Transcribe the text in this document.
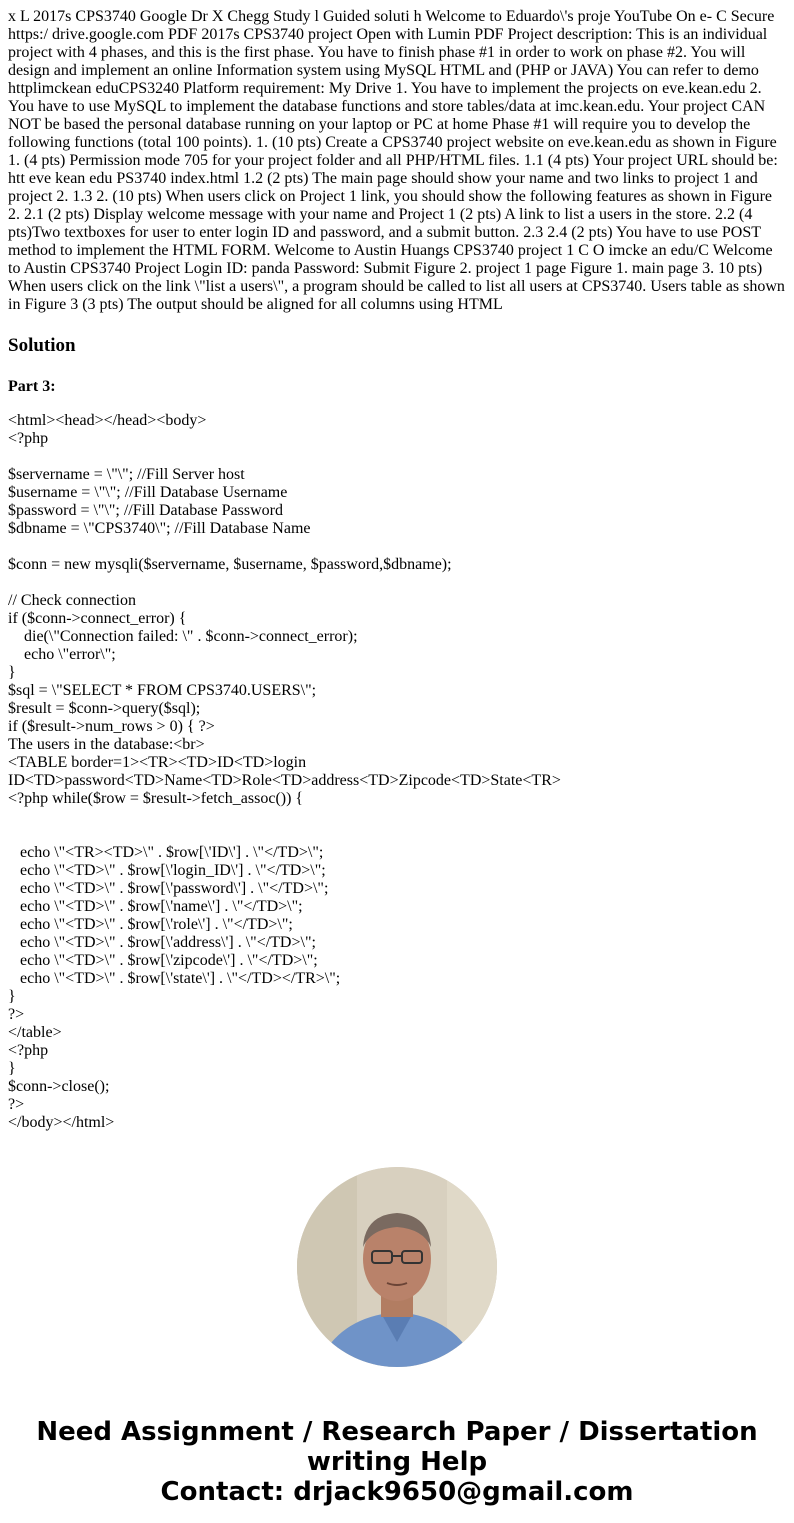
x L 2017s CPS3740 Google Dr X Chegg Study l Guided soluti h Welcome to Eduardo\'s proje YouTube On e- C Secure https:/ drive.google.com PDF 2017s CPS3740 project Open with Lumin PDF Project description: This is an individual project with 4 phases, and this is the first phase. You have to finish phase #1 in order to work on phase #2. You will design and implement an online Information system using MySQL HTML and (PHP or JAVA) You can refer to demo httplimckean eduCPS3240 Platform requirement: My Drive 1. You have to implement the projects on eve.kean.edu 2. You have to use MySQL to implement the database functions and store tables/data at imc.kean.edu. Your project CAN NOT be based the personal database running on your laptop or PC at home Phase #1 will require you to develop the following functions (total 100 points). 1. (10 pts) Create a CPS3740 project website on eve.kean.edu as shown in Figure 1. (4 pts) Permission mode 705 for your project folder and all PHP/HTML files. 1.1 (4 pts) Your project URL should be: htt eve kean edu PS3740 index.html 1.2 (2 pts) The main page should show your name and two links to project 1 and project 2. 1.3 2. (10 pts) When users click on Project 1 link, you should show the following features as shown in Figure 2. 2.1 (2 pts) Display welcome message with your name and Project 1 (2 pts) A link to list a users in the store. 2.2 (4 pts)Two textboxes for user to enter login ID and password, and a submit button. 2.3 2.4 (2 pts) You have to use POST method to implement the HTML FORM. Welcome to Austin Huangs CPS3740 project 1 C O imcke an edu/C Welcome to Austin CPS3740 Project Login ID: panda Password: Submit Figure 2. project 1 page Figure 1. main page 3. 10 pts) When users click on the link \"list a users\", a program should be called to list all users at CPS3740. Users table as shown in Figure 3 (3 pts) The output should be aligned for all columns using HTML
Solution
Part 3:
<html><head></head><body>
<?php

$servername = \"\"; //Fill Server host
$username = \"\"; //Fill Database Username
$password = \"\"; //Fill Database Password
$dbname = \"CPS3740\"; //Fill Database Name

$conn = new mysqli($servername, $username, $password,$dbname);

// Check connection
if ($conn->connect_error) {
die(\"Connection failed: \" . $conn->connect_error);
echo \"error\";
}
$sql = \"SELECT * FROM CPS3740.USERS\";
$result = $conn->query($sql);
if ($result->num_rows > 0) { ?>
The users in the database:<br>
<TABLE border=1><TR><TD>ID<TD>login ID<TD>password<TD>Name<TD>Role<TD>address<TD>Zipcode<TD>State<TR>
<?php while($row = $result->fetch_assoc()) {

echo \"<TR><TD>\" . $row[\'ID\'] . \"</TD>\";
echo \"<TD>\" . $row[\'login_ID\'] . \"</TD>\";
echo \"<TD>\" . $row[\'password\'] . \"</TD>\";
echo \"<TD>\" . $row[\'name\'] . \"</TD>\";
echo \"<TD>\" . $row[\'role\'] . \"</TD>\";
echo \"<TD>\" . $row[\'address\'] . \"</TD>\";
echo \"<TD>\" . $row[\'zipcode\'] . \"</TD>\";
echo \"<TD>\" . $row[\'state\'] . \"</TD></TR>\";
}
?>
</table>
<?php
}
$conn->close();
?>
</body></html>
Need Assignment / Research Paper / Dissertation writing Help
Contact: drjack9650@gmail.com
